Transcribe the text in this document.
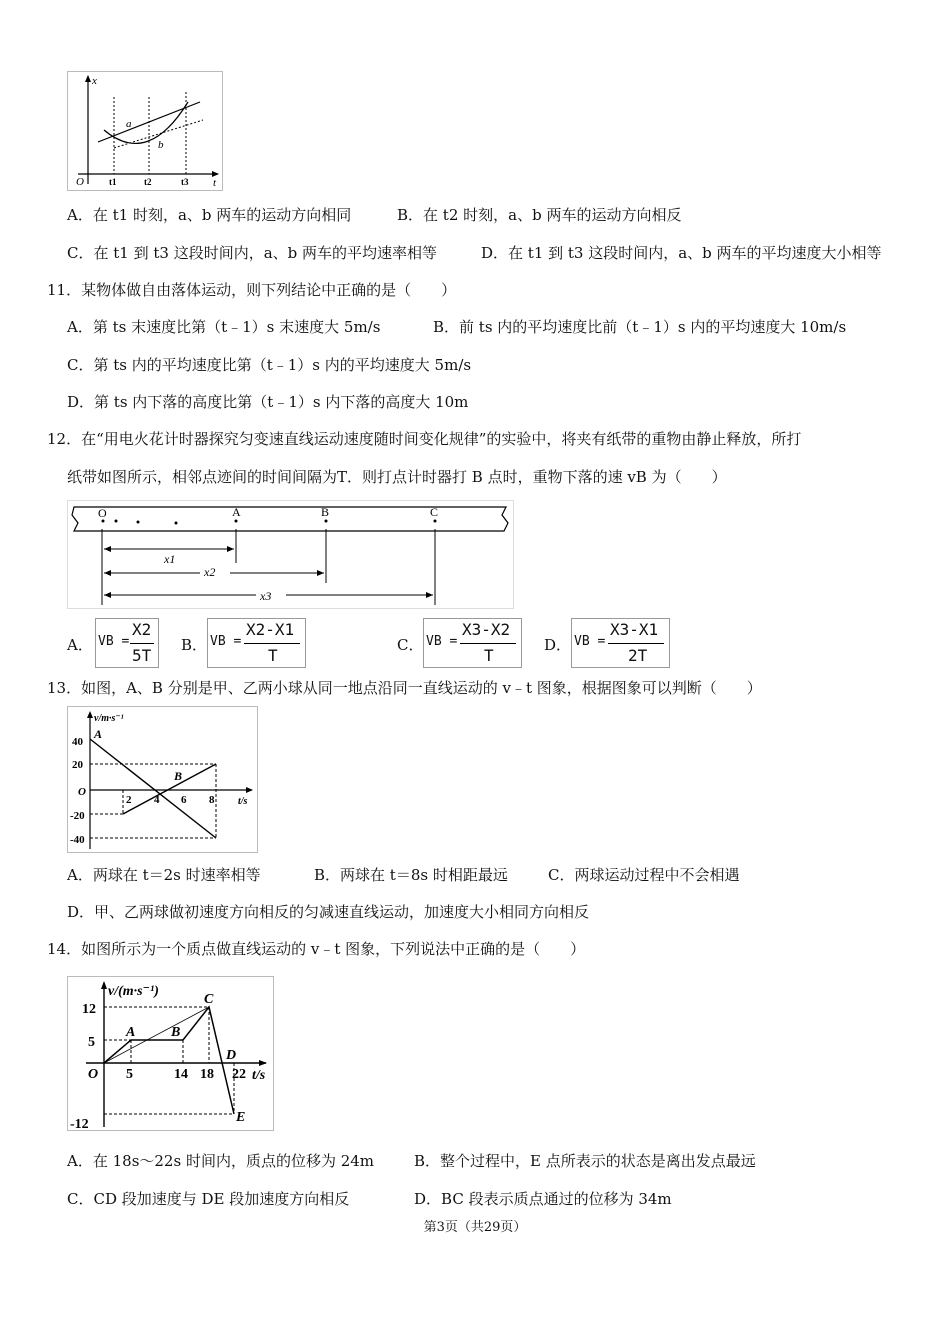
x
t
O	t1	t2	t3
a
b
A．在 t1 时刻，a、b 两车的运动方向相同	B．在 t2 时刻，a、b 两车的运动方向相反
C．在 t1 到 t3 这段时间内，a、b 两车的平均速率相等	D．在 t1 到 t3 这段时间内，a、b 两车的平均速度大小相等
11．某物体做自由落体运动，则下列结论中正确的是（　　）
A．第 ts 末速度比第（t﹣1）s 末速度大 5m/s	B．前 ts 内的平均速度比前（t﹣1）s 内的平均速度大 10m/s
C．第 ts 内的平均速度比第（t﹣1）s 内的平均速度大 5m/s
D．第 ts 内下落的高度比第（t﹣1）s 内下落的高度大 10m
12．在“用电火花计时器探究匀变速直线运动速度随时间变化规律”的实验中，将夹有纸带的重物由静止释放，所打
纸带如图所示，相邻点迹间的时间间隔为T．则打点计时器打 B 点时，重物下落的速 vB 为（　　）
O	A	B	C
x1
x2
x3
A． VB =
X2
5T
B． VB =
X2-X1
T
C． VB =
X3-X2
T
D． VB =
X3-X1
2T
13．如图，A、B 分别是甲、乙两小球从同一地点沿同一直线运动的 v﹣t 图象，根据图象可以判断（　　）
v/m·s⁻¹
t/s
40
20
O
-20
-40
2 4 6 8
A
B
A．两球在 t＝2s 时速率相等	B．两球在 t＝8s 时相距最远	C．两球运动过程中不会相遇
D．甲、乙两球做初速度方向相反的匀减速直线运动，加速度大小相同方向相反
14．如图所示为一个质点做直线运动的 v﹣t 图象，下列说法中正确的是（　　）
v/(m·s⁻¹)
t/s
12
5
-12
O 5	14 18 22
A	B
C
D
E
A．在 18s～22s 时间内，质点的位移为 24m	B．整个过程中，E 点所表示的状态是离出发点最远
C．CD 段加速度与 DE 段加速度方向相反	D．BC 段表示质点通过的位移为 34m
第3页（共29页）
